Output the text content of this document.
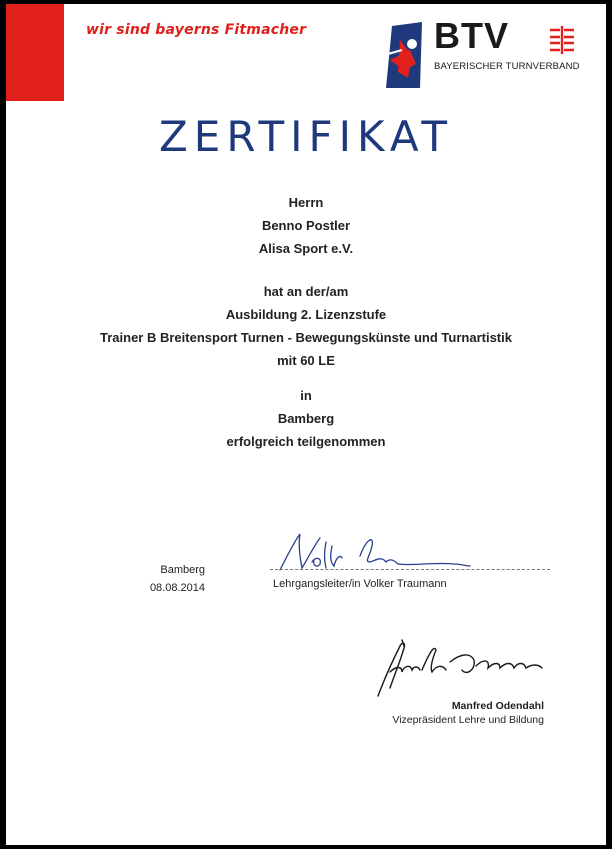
wir sind bayerns Fitmacher	BTV
BAYERISCHER TURNVERBAND
ZERTIFIKAT
Herrn
Benno Postler
Alisa Sport e.V.
hat an der/am
Ausbildung 2. Lizenzstufe
Trainer B Breitensport Turnen - Bewegungskünste und Turnartistik
mit 60 LE
in
Bamberg
erfolgreich teilgenommen
Bamberg
08.08.2014	Lehrgangsleiter/in Volker Traumann
Manfred Odendahl
Vizepräsident Lehre und Bildung
